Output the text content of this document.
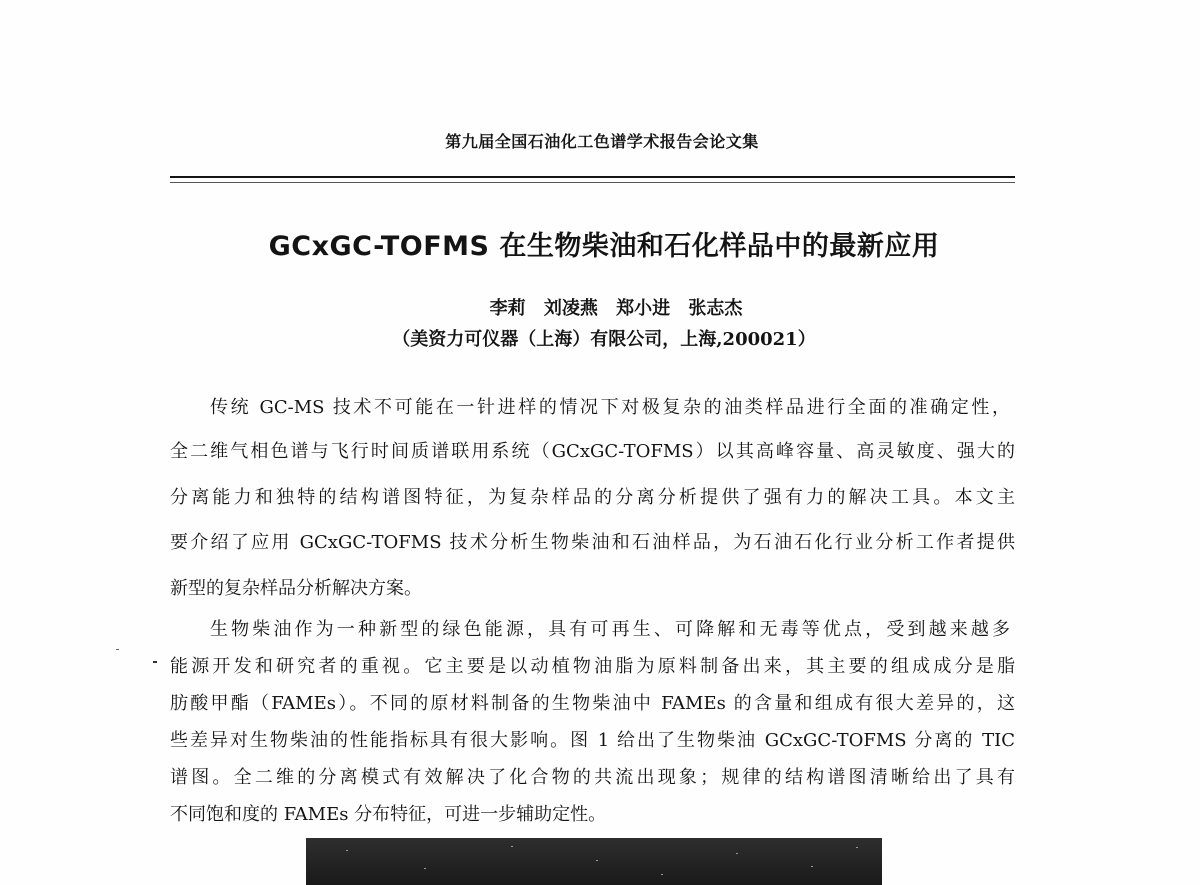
第九届全国石油化工色谱学术报告会论文集
GCxGC-TOFMS 在生物柴油和石化样品中的最新应用
李莉 刘凌燕 郑小进 张志杰
（美资力可仪器（上海）有限公司，上海,200021）
传统 GC-MS 技术不可能在一针进样的情况下对极复杂的油类样品进行全面的准确定性，
全二维气相色谱与飞行时间质谱联用系统（GCxGC-TOFMS）以其高峰容量、高灵敏度、强大的
分离能力和独特的结构谱图特征，为复杂样品的分离分析提供了强有力的解决工具。本文主
要介绍了应用 GCxGC-TOFMS 技术分析生物柴油和石油样品，为石油石化行业分析工作者提供
新型的复杂样品分析解决方案。
生物柴油作为一种新型的绿色能源，具有可再生、可降解和无毒等优点，受到越来越多
能源开发和研究者的重视。它主要是以动植物油脂为原料制备出来，其主要的组成成分是脂
肪酸甲酯（FAMEs）。不同的原材料制备的生物柴油中 FAMEs 的含量和组成有很大差异的，这
些差异对生物柴油的性能指标具有很大影响。图 1 给出了生物柴油 GCxGC-TOFMS 分离的 TIC
谱图。全二维的分离模式有效解决了化合物的共流出现象；规律的结构谱图清晰给出了具有
不同饱和度的 FAMEs 分布特征，可进一步辅助定性。
